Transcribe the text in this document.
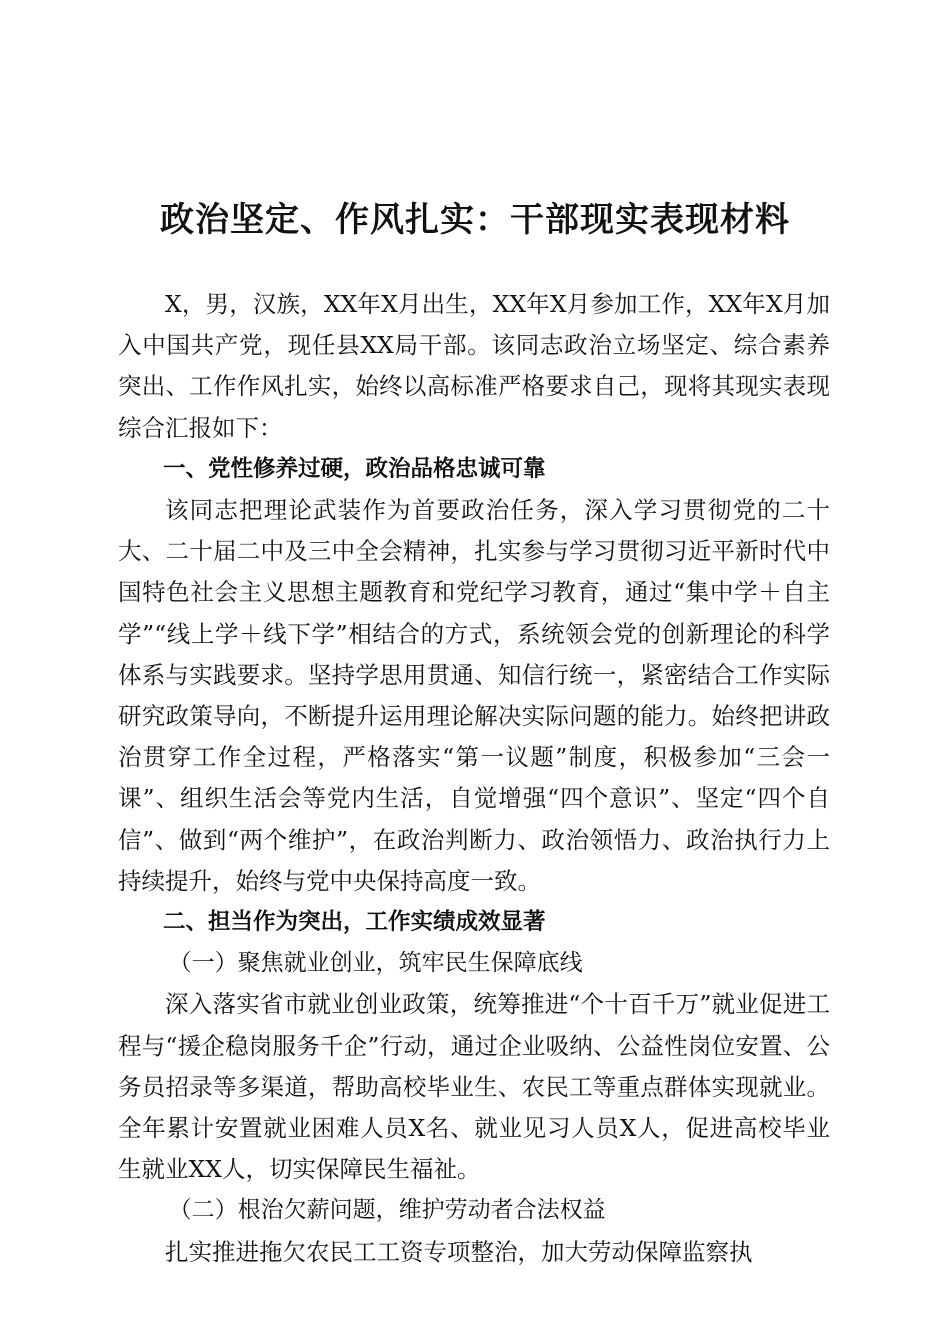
政治坚定、作风扎实：干部现实表现材料

X，男，汉族，XX年X月出生，XX年X月参加工作，XX年X月加入中国共产党，现任县XX局干部。该同志政治立场坚定、综合素养突出、工作作风扎实，始终以高标准严格要求自己，现将其现实表现综合汇报如下：

一、党性修养过硬，政治品格忠诚可靠

该同志把理论武装作为首要政治任务，深入学习贯彻党的二十大、二十届二中及三中全会精神，扎实参与学习贯彻习近平新时代中国特色社会主义思想主题教育和党纪学习教育，通过“集中学＋自主学”“线上学＋线下学”相结合的方式，系统领会党的创新理论的科学体系与实践要求。坚持学思用贯通、知信行统一，紧密结合工作实际研究政策导向，不断提升运用理论解决实际问题的能力。始终把讲政治贯穿工作全过程，严格落实“第一议题”制度，积极参加“三会一课”、组织生活会等党内生活，自觉增强“四个意识”、坚定“四个自信”、做到“两个维护”，在政治判断力、政治领悟力、政治执行力上持续提升，始终与党中央保持高度一致。

二、担当作为突出，工作实绩成效显著
（一）聚焦就业创业，筑牢民生保障底线

深入落实省市就业创业政策，统筹推进“个十百千万”就业促进工程与“援企稳岗服务千企”行动，通过企业吸纳、公益性岗位安置、公务员招录等多渠道，帮助高校毕业生、农民工等重点群体实现就业。全年累计安置就业困难人员X名、就业见习人员X人，促进高校毕业生就业XX人，切实保障民生福祉。

（二）根治欠薪问题，维护劳动者合法权益

扎实推进拖欠农民工工资专项整治，加大劳动保障监察执
